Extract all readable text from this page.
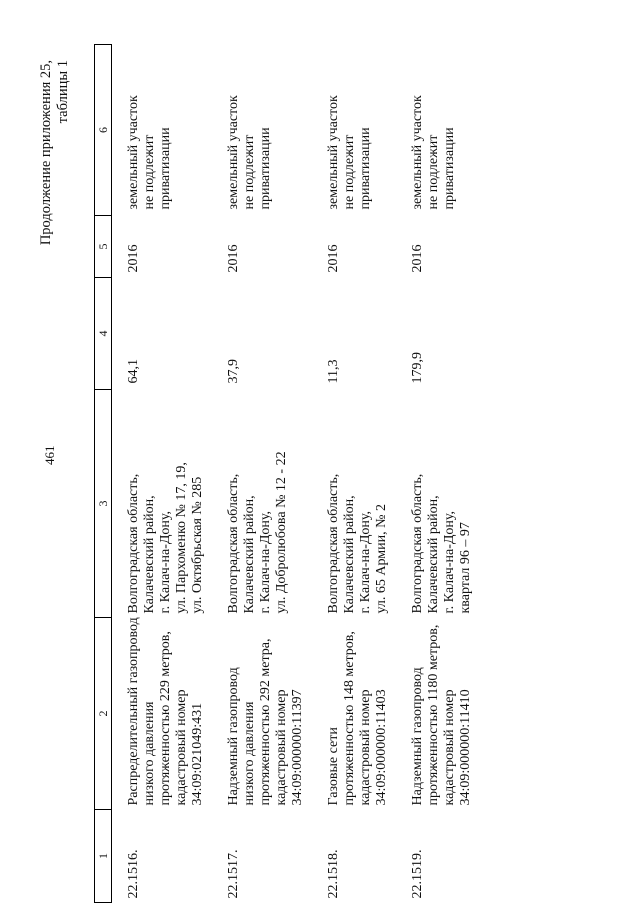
461
Продолжение приложения 25, таблицы 1
1	2	3	4	5	6

22.1516.	Распределительный газопровод низкого давления протяженностью 229 метров, кадастровый номер 34:09:021049:431	Волгоградская область, Калачевский район, г. Калач-на-Дону, ул. Пархоменко № 17, 19, ул. Октябрьская № 285	64,1	2016	земельный участок не подлежит приватизации

22.1517.	Надземный газопровод низкого давления протяженностью 292 метра, кадастровый номер 34:09:000000:11397	Волгоградская область, Калачевский район, г. Калач-на-Дону, ул. Добролюбова № 12 - 22	37,9	2016	земельный участок не подлежит приватизации

22.1518.	Газовые сети протяженностью 148 метров, кадастровый номер 34:09:000000:11403	Волгоградская область, Калачевский район, г. Калач-на-Дону, ул. 65 Армии, № 2	11,3	2016	земельный участок не подлежит приватизации

22.1519.	Надземный газопровод протяженностью 1180 метров, кадастровый номер 34:09:000000:11410	Волгоградская область, Калачевский район, г. Калач-на-Дону, квартал 96 – 97	179,9	2016	земельный участок не подлежит приватизации
